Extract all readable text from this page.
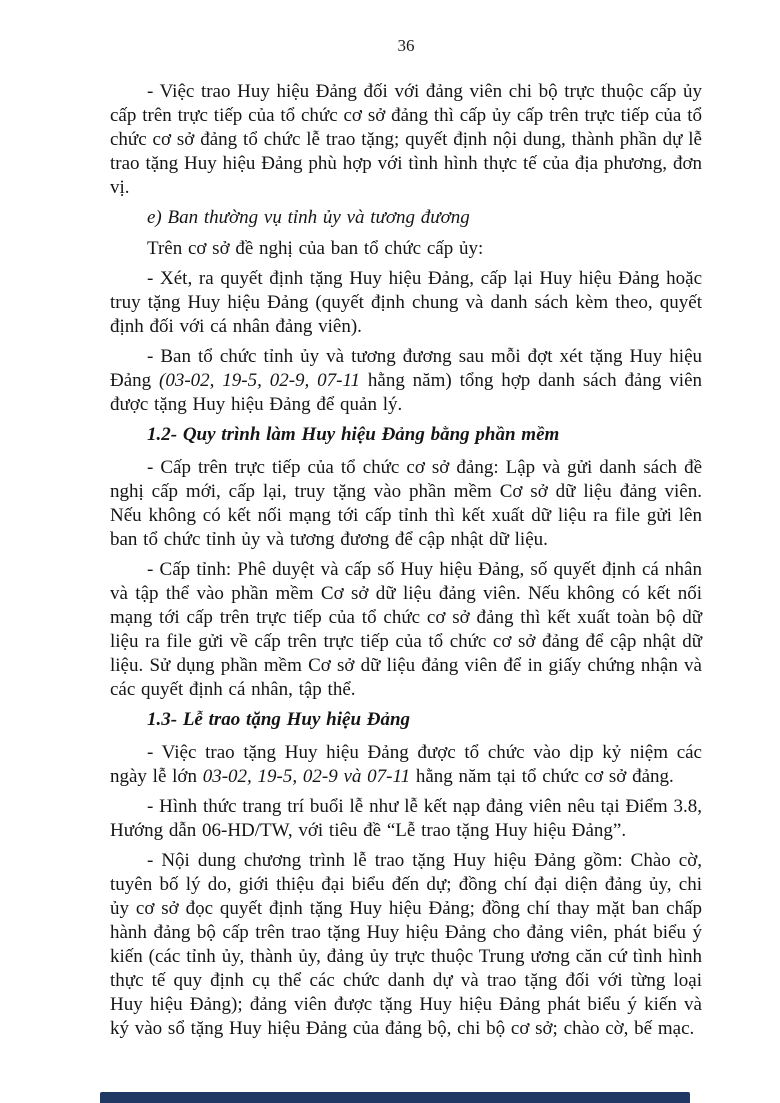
36

- Việc trao Huy hiệu Đảng đối với đảng viên chi bộ trực thuộc cấp ủy cấp trên trực tiếp của tổ chức cơ sở đảng thì cấp ủy cấp trên trực tiếp của tổ chức cơ sở đảng tổ chức lễ trao tặng; quyết định nội dung, thành phần dự lễ trao tặng Huy hiệu Đảng phù hợp với tình hình thực tế của địa phương, đơn vị.

e) Ban thường vụ tỉnh ủy và tương đương

Trên cơ sở đề nghị của ban tổ chức cấp ủy:

- Xét, ra quyết định tặng Huy hiệu Đảng, cấp lại Huy hiệu Đảng hoặc truy tặng Huy hiệu Đảng (quyết định chung và danh sách kèm theo, quyết định đối với cá nhân đảng viên).

- Ban tổ chức tỉnh ủy và tương đương sau mỗi đợt xét tặng Huy hiệu Đảng (03-02, 19-5, 02-9, 07-11 hằng năm) tổng hợp danh sách đảng viên được tặng Huy hiệu Đảng để quản lý.

1.2- Quy trình làm Huy hiệu Đảng bằng phần mềm

- Cấp trên trực tiếp của tổ chức cơ sở đảng: Lập và gửi danh sách đề nghị cấp mới, cấp lại, truy tặng vào phần mềm Cơ sở dữ liệu đảng viên. Nếu không có kết nối mạng tới cấp tỉnh thì kết xuất dữ liệu ra file gửi lên ban tổ chức tỉnh ủy và tương đương để cập nhật dữ liệu.

- Cấp tỉnh: Phê duyệt và cấp số Huy hiệu Đảng, số quyết định cá nhân và tập thể vào phần mềm Cơ sở dữ liệu đảng viên. Nếu không có kết nối mạng tới cấp trên trực tiếp của tổ chức cơ sở đảng thì kết xuất toàn bộ dữ liệu ra file gửi về cấp trên trực tiếp của tổ chức cơ sở đảng để cập nhật dữ liệu. Sử dụng phần mềm Cơ sở dữ liệu đảng viên để in giấy chứng nhận và các quyết định cá nhân, tập thể.

1.3- Lễ trao tặng Huy hiệu Đảng

- Việc trao tặng Huy hiệu Đảng được tổ chức vào dịp kỷ niệm các ngày lễ lớn 03-02, 19-5, 02-9 và 07-11 hằng năm tại tổ chức cơ sở đảng.

- Hình thức trang trí buổi lễ như lễ kết nạp đảng viên nêu tại Điểm 3.8, Hướng dẫn 06-HD/TW, với tiêu đề “Lễ trao tặng Huy hiệu Đảng”.

- Nội dung chương trình lễ trao tặng Huy hiệu Đảng gồm: Chào cờ, tuyên bố lý do, giới thiệu đại biểu đến dự; đồng chí đại diện đảng ủy, chi ủy cơ sở đọc quyết định tặng Huy hiệu Đảng; đồng chí thay mặt ban chấp hành đảng bộ cấp trên trao tặng Huy hiệu Đảng cho đảng viên, phát biểu ý kiến (các tỉnh ủy, thành ủy, đảng ủy trực thuộc Trung ương căn cứ tình hình thực tế quy định cụ thể các chức danh dự và trao tặng đối với từng loại Huy hiệu Đảng); đảng viên được tặng Huy hiệu Đảng phát biểu ý kiến và ký vào sổ tặng Huy hiệu Đảng của đảng bộ, chi bộ cơ sở; chào cờ, bế mạc.
